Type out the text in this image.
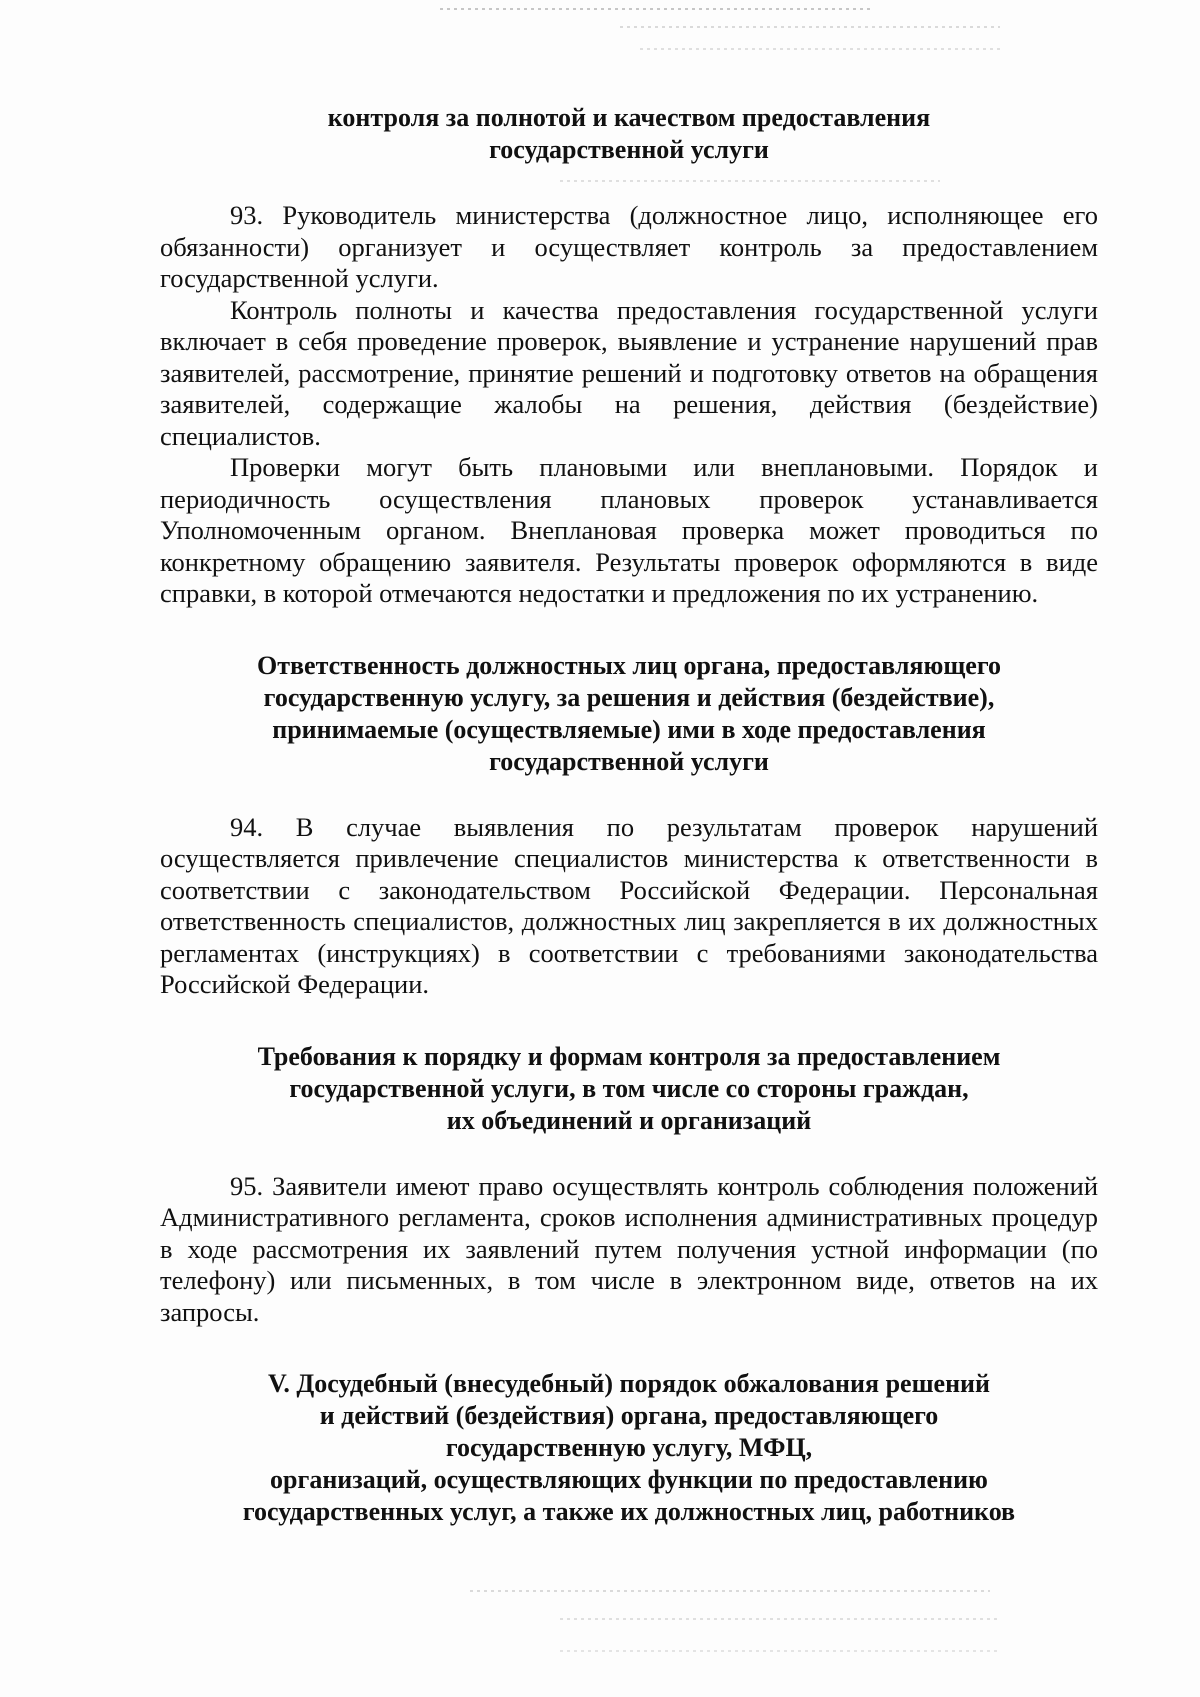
контроля за полнотой и качеством предоставления
государственной услуги

93. Руководитель министерства (должностное лицо, исполняющее его обязанности) организует и осуществляет контроль за предоставлением государственной услуги.

Контроль полноты и качества предоставления государственной услуги включает в себя проведение проверок, выявление и устранение нарушений прав заявителей, рассмотрение, принятие решений и подготовку ответов на обращения заявителей, содержащие жалобы на решения, действия (бездействие) специалистов.

Проверки могут быть плановыми или внеплановыми. Порядок и периодичность осуществления плановых проверок устанавливается Уполномоченным органом. Внеплановая проверка может проводиться по конкретному обращению заявителя. Результаты проверок оформляются в виде справки, в которой отмечаются недостатки и предложения по их устранению.

Ответственность должностных лиц органа, предоставляющего
государственную услугу, за решения и действия (бездействие),
принимаемые (осуществляемые) ими в ходе предоставления
государственной услуги

94. В случае выявления по результатам проверок нарушений осуществляется привлечение специалистов министерства к ответственности в соответствии с законодательством Российской Федерации. Персональная ответственность специалистов, должностных лиц закрепляется в их должностных регламентах (инструкциях) в соответствии с требованиями законодательства Российской Федерации.

Требования к порядку и формам контроля за предоставлением
государственной услуги, в том числе со стороны граждан,
их объединений и организаций

95. Заявители имеют право осуществлять контроль соблюдения положений Административного регламента, сроков исполнения административных процедур в ходе рассмотрения их заявлений путем получения устной информации (по телефону) или письменных, в том числе в электронном виде, ответов на их запросы.

V. Досудебный (внесудебный) порядок обжалования решений
и действий (бездействия) органа, предоставляющего
государственную услугу, МФЦ,
организаций, осуществляющих функции по предоставлению
государственных услуг, а также их должностных лиц, работников
